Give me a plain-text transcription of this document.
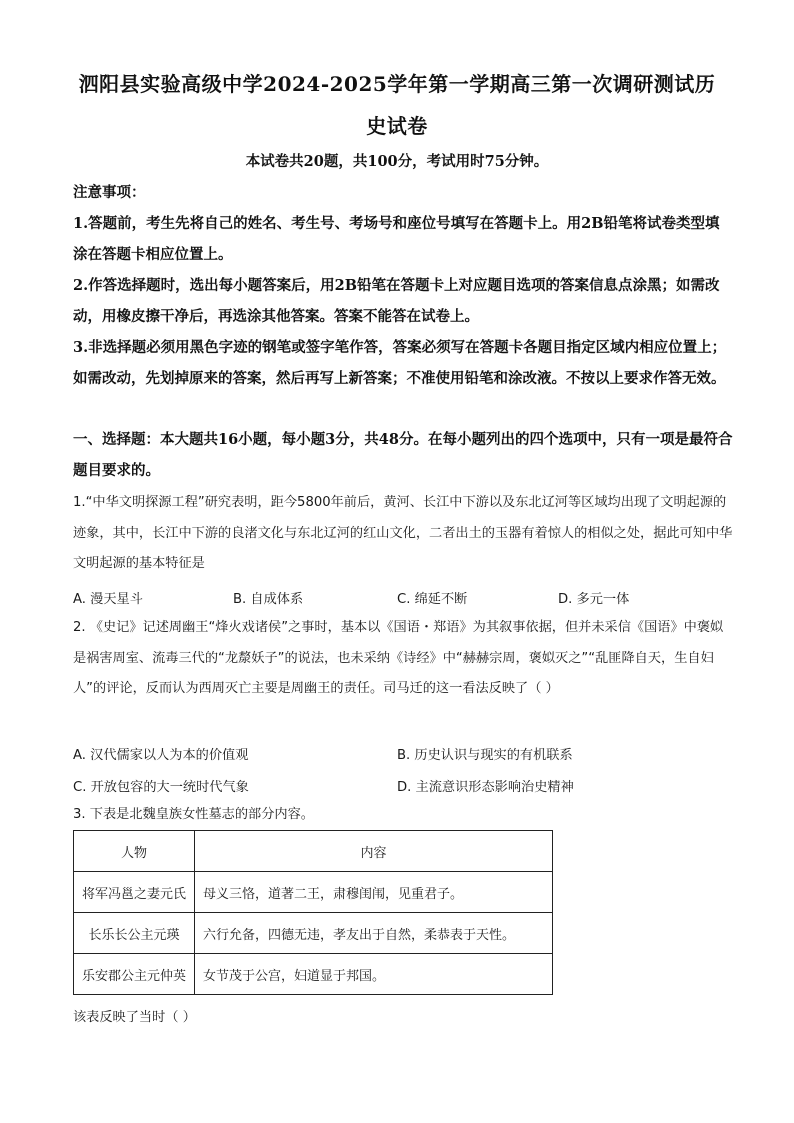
泗阳县实验高级中学2024-2025学年第一学期高三第一次调研测试历
史试卷
本试卷共20题，共100分，考试用时75分钟。
注意事项：
1.答题前，考生先将自己的姓名、考生号、考场号和座位号填写在答题卡上。用2B铅笔将试卷类型填涂在答题卡相应位置上。
2.作答选择题时，选出每小题答案后，用2B铅笔在答题卡上对应题目选项的答案信息点涂黑；如需改动，用橡皮擦干净后，再选涂其他答案。答案不能答在试卷上。
3.非选择题必须用黑色字迹的钢笔或签字笔作答，答案必须写在答题卡各题目指定区域内相应位置上；如需改动，先划掉原来的答案，然后再写上新答案；不准使用铅笔和涂改液。不按以上要求作答无效。
一、选择题：本大题共16小题，每小题3分，共48分。在每小题列出的四个选项中，只有一项是最符合题目要求的。
1.“中华文明探源工程”研究表明，距今5800年前后，黄河、长江中下游以及东北辽河等区域均出现了文明起源的迹象，其中，长江中下游的良渚文化与东北辽河的红山文化，二者出土的玉器有着惊人的相似之处，据此可知中华文明起源的基本特征是
A. 漫天星斗	B. 自成体系	C. 绵延不断	D. 多元一体
2. 《史记》记述周幽王“烽火戏诸侯”之事时，基本以《国语・郑语》为其叙事依据，但并未采信《国语》中褒姒是祸害周室、流毒三代的“龙漦妖子”的说法，也未采纳《诗经》中“赫赫宗周，褒姒灭之”“乱匪降自天，生自妇人”的评论，反而认为西周灭亡主要是周幽王的责任。司马迁的这一看法反映了（ ）
A. 汉代儒家以人为本的价值观	B. 历史认识与现实的有机联系
C. 开放包容的大一统时代气象	D. 主流意识形态影响治史精神
3. 下表是北魏皇族女性墓志的部分内容。
人物	内容
将军冯邕之妻元氏	母义三恪，道著二王，肃穆闺闱，见重君子。
长乐长公主元瑛	六行允备，四德无违，孝友出于自然，柔恭表于天性。
乐安郡公主元仲英	女节茂于公宫，妇道显于邦国。
该表反映了当时（ ）
